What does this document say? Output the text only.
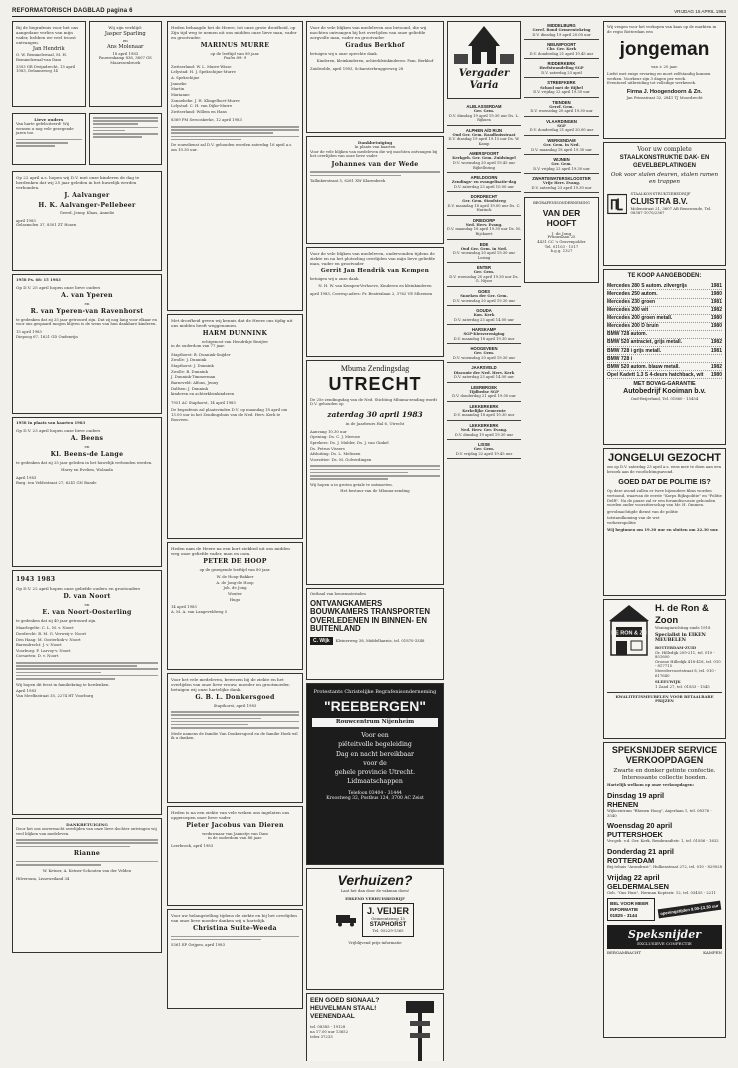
REFORMATORISCH DAGBLAD pagina 6	VRIJDAG 15 APRIL 1983
Bij de begrafenis voor het ons aangedane verlies van mijn vader, hebben we veel troost ontvangen.
Jan Hendrik
G. W. Remmelzwaal, M. H. Remmelzwaal-van Dam
3303 GB Dwijndrecht, 15 april 1983, Delauneweg 14
Wij zijn verblijd:
Jasper Sparling
en
Ans Molenaar
18 april 1983
Pauwenkamp 836, 3607 GS Maarssenbroek
Lieve ouders
Van harte gefeliciteerd! Wij wensen u nog vele gezegende jaren toe.
Op 22 april a.s. hopen wij D.V. met onze kinderen de dag te herdenken dat wij 25 jaar geleden in het huwelijk werden verbonden.
J. Aalvanger
H. K. Aalvanger-Pellebeer
Geerd, Jenny, Klaas, Annelie
april 1983
Gelasmolen 37, 8301 ZT Hoorn
1958 Ps. 68: 15 1983
Op D.V. 25 april hopen onze lieve ouders
A. van Yperen
en
R. van Yperen-van Ravenhorst
te gedenken dat zij 25 jaar getrouwd zijn. Dat zij nog lang voor elkaar en voor ons gespaard mogen blijven is de wens van hun dankbare kinderen.
15 april 1983
Diepoog 67, 1621 GD Oudenrijn
1958 In plaats van kaarten 1983
Op D.V. 23 april hopen onze lieve ouders
A. Beens
en
Kl. Beens-de Lange
te gedenken dat zij 25 jaar geleden in het huwelijk verbonden werden.
Harry en Evelien, Wolanda
April 1983
Burg. ten Veldestraat 27, 6241 GN Bunde
1943 1983
Op D.V. 22 april hopen onze geliefde ouders en grootouders
D. van Noort
en
E. van Noort-Oosterling
te gedenken dat zij 40 jaar getrouwd zijn.

Maarlegelte: C. L. M. v. Noort

Dordrecht: B. M. G. Verweij-v. Noort

Den Haag: M. Oosterlink-v. Noort

Barendrecht: J. v. Noort

Voorburg: F. Larvoy-v. Noort

Corsarten: D. v. Noort

Wij hopen dit feest in familiekring te herdenken.
April 1983
Van Meelfastraat 35, 2274 HT Voorburg
DANKBETUIGING
Door het ons onverwacht overlijden van onze lieve dochter ontvingen wij veel blijken van medeleven.
Rianne
W. Ketner, A. Ketner-Schouten van der Velden
Hilversum, Lisseweiland 34
Heden behaagde het de Heere, tot onze grote droefheid, op Zijn tijd weg te nemen uit ons midden onze lieve man, vader en grootvader.
MARINUS MURRE
op de leeftijd van 80 jaar.
Psalm 89: 9

Zwitserland: W. L. Murre-Wisse

Lelystad: H. J. Spekschijne-Murre

A. Spekschijne

Janneke

Martin

Marianne

Zonnebeke: J. H. Klingelhoet-Murre

Lelystad: C. H. van Dijke-Murre

Zwitserland: Willem en Hans

8369 PM Serooskerke, 12 april 1983
De rouwdienst zal D.V. gehouden worden zaterdag 16 april a.s. om 10.30 uur.
Met droefheid geven wij kennis dat de Heere ons tijdig uit ons midden heeft weggenomen.
HARM DUNNINK
echtgenoot van Hendrikje Bezijter
in de ouderdom van 77 jaar.

Stapthorst: B. Dunnink-Snijder

Zwolle: J. Dunnink

Stapthorst: J. Dunnink

Zwolle: B. Dunnink

J. Dunnink-Timmerman

Barneveld: Alfons, Jenny

Dalfsen: J. Dunnink

kinderen en achterkleinkinderen

7951 AC Staphorst, 14 april 1983
De begrafenis zal plaatsvinden D.V. op maandag 18 april om 13.00 uur in het Zendingshuis van de Ned. Herv. Kerk te Rouveen.
Heden nam de Heere na een kort ziekbed uit ons midden weg onze geliefde vader, man en oom.
PETER DE HOOP
op de gezegende leeftijd van 80 jaar.

W. de Hoop-Bakker

A. de Jong-de Hoop

Joh. de Jong

Wouter

Hugo

14 april 1983
A. M. A. van Langeveldweg 5
Voor het vele medeleven, bewezen bij de ziekte en het overlijden van onze lieve vrouw, moeder en grootmoeder, betuigen wij onze hartelijke dank.
G. B. L. Donkersgoed
Stapthorst, april 1983
Mede namens de familie Van Donkersgoed en de familie Hoek wil ik u danken.
Heden is na een ziekte van vele weken ons ingelaten ons opgeroepen onze lieve vader
Pieter Jacobus van Dieren
weduwnaar van Jannetje van Dam
in de ouderdom van 86 jaar.
Leerbroek, april 1983
Voor uw belangstelling tijdens de ziekte en bij het overlijden van onze lieve moeder danken wij u hartelijk.
Christina Suite-Weeda
5361 EP Grijpen, april 1983
Voor de vele blijken van medeleven ons betoond, die wij mochten ontvangen bij het overlijden van onze geliefde zorgvolle man, vader en grootvader
Gradus Berkhof
betuigen wij u onze oprechte dank.
Kinderen, kleinkinderen, achterkleinkinderen: Fam. Berkhof
Zuidwolde, april 1983, Scharsterbruggerweg 28
Dankbetuiging
In plaats van kaarten
Voor de vele blijken van medeleven die wij mochten ontvangen bij het overlijden van onze lieve vader
Johannes van der Wede
Tallinkerstraat 5, 8261 XW Klarenbeek
Voor de vele blijken van medeleven, ondervonden tijdens de ziekte en na het plotseling overlijden van mijn lieve geliefde man, vader en grootvader
Gerrit Jan Hendrik van Kempen
betuigen wij u onze dank.
N. H. W. van Kempen-Verhoeve, Kinderen en kleinkinderen
april 1983, Corresp.adres: Pr. Beatrixlaan 2, 3762 VE Mheenen
Mbuma Zendingsdag
UTRECHT
De 25e zendingsdag van de Ned. Stichting Mbuma-zending wordt D.V. gehouden op
zaterdag 30 april 1983
in de Jaarbeurs Hal 6, Utrecht

Aanvang 10.30 uur

Opening: Ds. C. J. Meeuse

Sprekers: Ds. J. Mulder, Ds. J. van Ginkel

Ds. Petrus Vissers

Afsluiting: Ds. L. Melissen

Voorzitter: Ds. M. Golverdingen

Wij hopen u in groten getale te ontmoeten.
Het bestuur van de Mbuma-zending
Onthaal van bouwmaterialen
ONTVANGKAMERS BOUWKAMERS TRANSPORTEN OVERLEDENEN IN BINNEN- EN BUITENLAND
C. Wijk	Kleinerweg 38, Middelharnis, tel. 01870-3348
Protestants Christelijke Begrafenisonderneming
"REEBERGEN"
Rouwcentrum Nijenheim
Voor een
piëteitvolle begeleiding
Dag en nacht bereikbaar
voor de
gehele provincie Utrecht.
Lidmaatschappen
Telefoon 03404 - 31444
Kroostweg 32, Postbus 124, 3700 AC Zeist
Verhuizen?
Laat het dan door de vakman doen!
ERKEND VERHUISBEDRIJF
J. VEIJER
Gemeenteweg 13
STAPHORST
Tel. 05229-1365
Vrijblijvend prijs-informatie
EEN GOED SIGNAAL? HEUVELMAN STAAL! VEENENDAAL
tel. 08385 - 19128
na 17.00 uur 13652
telex 37233
Vergader
Varia
ALBLASSERDAM
Ger. Gem.
D.V. dinsdag 19 april 19.30 uur Ds. L. Rijksen
ALPHEN A/D RIJN
Oud Ger. Gem. Raadhuisstraat
D.V. dinsdag 19 april 19.15 uur Ds. W. Kamp
AMERSFOORT
Kerkgeb. Ger. Gem. Zuidsingel
D.V. woensdag 20 april 19.45 uur Bijbellezing
APELDOORN
Zendings- en evangelisatie-dag
D.V. zaterdag 23 april 10.00 uur
DORDRECHT
Ger. Gem. Stoofsteeg
D.V. maandag 18 april 19.00 uur Ds. C. Harinck
DRIEDORP
Ned. Herv. Evang.
D.V. maandag 18 april 19.30 uur Ds. M. Rijckaert
EDE
Oud Ger. Gem. in Ned.
D.V. woensdag 20 april 19.30 uur Lezing
ENTER
Ger. Gem.
D.V. woensdag 20 april 19.30 uur Ds. G. Nijsse
GOES
Snoeken der Ger. Gem.
D.V. woensdag 20 april 19.30 uur
GOUDA
Kon. Kerk
D.V. zaterdag 23 april 14.00 uur
HARSKAMP
SGP-Kiesvereniging
D.V. maandag 18 april 19.30 uur
HOOGEVEEN
Ger. Gem.
D.V. woensdag 20 april 19.30 uur
JAARSVELD
Diaconie der Ned. Herv. Kerk
D.V. zaterdag 23 april 14.00 uur
LEERBROEK
Tijdbedse SGP
D.V. donderdag 21 april 19.00 uur
LEKKERKERK
Kerkelijke Gemeente
D.V. maandag 18 april 19.30 uur
LEKKERKERK
Ned. Herv. Ger. Evang.
D.V. dinsdag 19 april 19.30 uur
LISSE
Ger. Gem.
D.V. vrijdag 22 april 19.45 uur
MIDDELBURG
Geref. Bond Gemeentekring
D.V. dinsdag 19 april 20.00 uur
NIEUWPOORT
Chr. Ger. Kerk
D.V. donderdag 21 april 19.45 uur
RIDDERKERK
Herfstwandeling SGP
D.V. zaterdag 23 april
STREEFKERK
School met de Bijbel
D.V. vrijdag 22 april 19.30 uur
TIENDEN
Geref. Gem.
D.V. woensdag 20 april 19.30 uur
VLAARDINGEN
SGP
D.V. donderdag 21 april 20.00 uur
WERKENDAM
Ger. Gem. in Ned.
D.V. maandag 18 april 19.30 uur
WIJNEN
Ger. Gem.
D.V. vrijdag 22 april 19.30 uur
ZWARTEWATERSKLOOSTER
Vrije Herv. Evang.
D.V. zaterdag 23 april 19.30 uur
BEGRAFENISONDERNEMING
VAN DER HOOFT
J. de Jong
Prunuslaan 25
4431 CC 's Gravenpolder
Tel. 01103 - 1517
b.g.g. 1327
Wij vragen voor het verkopen van kaas op de markten in de regio Rotterdam een
jongeman
van ± 20 jaar.
Liefst met enige ervaring en moet zelfstandig kunnen werken. Voorkeur zijn 3 dagen per week.
Eventueel uitbreiding tot volledige werkweek.
Firma J. Hoogendoorn & Zn.
Jan Prinsstraat 32, 2841 TJ Moordrecht
Voor uw complete
STAALKONSTRUKTIE DAK- EN GEVELBEPLATINGEN
Ook voor stalen deuren, stalen ramen en trappen
STAALKONSTRUKTIEBEDRIJF
CLUISTRA B.V.
Molenstraat 21, 3607 AB Renswoude, Tel. 08387-1070/2367
TE KOOP AANGEBODEN:
Mercedes 280 S autom. zilvergrijs	1981
Mercedes 250 autom.	1980
Mercedes 230 groen	1981
Mercedes 200 wit	1982
Mercedes 200 groen metall.	1980
Mercedes 200 D bruin	1980
BMW 728 autom.
BMW 520 antraciet, grijs metall.	1982
BMW 728 i grijs metall.	1981
BMW 728 i
BMW 520 autom. blauw metall.	1982
Opel Kadett 1.3 S 4-deurs hatchback, wit 1980
MET BOVAG-GARANTIE
Autobedrijf Kooiman b.v.
Oud-Beijerland, Tel. 01860 - 15454
JONGELUI GEZOCHT
om op D.V. zaterdag 23 april a.s. eens mee te doen aan een bezoek aan de voorlichtingsavond.
GOED DAT DE POLITIE IS?
Op deze avond zullen er twee bijzondere films worden vertoond, waarvan de eerste "Korps Rijkspolitie" en "Politie Delft". Na de pauze zal er een forumdiscussie gehouden worden onder voorzitterschap van Mr. H. Ommen.

gevolmachtigde dienst van de politie

totstandkoming van de wet

verkeerspolitie

Wij beginnen om 19.30 uur en sluiten om 22.30 uur.
DE RON & ZN
H. de Ron & Zoon
Woninginrichting sinds 1918
Specialist in EIKEN MEUBELEN
ROTTERDAM-ZUID
Gr. Hilledijk 209-211, tel. 010 - 851600
Groene Hilledijk 418-418, tel. 010 - 817715
Meerdervoortstraat 8, tel. 010 - 617640
SLEEUWIJK
1 Zand 27, tel. 01833 - 1545
KWALITEITSMEUBELEN VOOR BETAALBARE PRIJZEN
SPEKSNIJDER SERVICE VERKOOPDAGEN
Zwarte en donker getinte confectie. Interessante collectie hoeden.
Hartelijk welkom op onze verkoopdagen:
Dinsdag 19 april
RHENEN
Wijkcentrum "Rhenen Hoog", Anjerlaan 1, tel. 08376 - 3540
Woensdag 20 april
PUTTERSHOEK
Ver.geb. v.d. Ger. Kerk, Rembrandtstr. 1, tel. 01856 - 1632
Donderdag 21 april
ROTTERDAM
Bej.tehuis "Avondrust", Hulkenstraat 272, tel. 010 - 829028
Vrijdag 22 april
GELDERMALSEN
Geb. "Ons Huis", Herman Koptsztr. 12, tel. 03455 - 2211
BEL VOOR MEER INFORMATIE 01825 - 3144	openingstijden 9.00-13.30 uur
Speksnijder
EXCLUSIEVE CONFECTIE
BERGAMBACHT	KAMPEN
